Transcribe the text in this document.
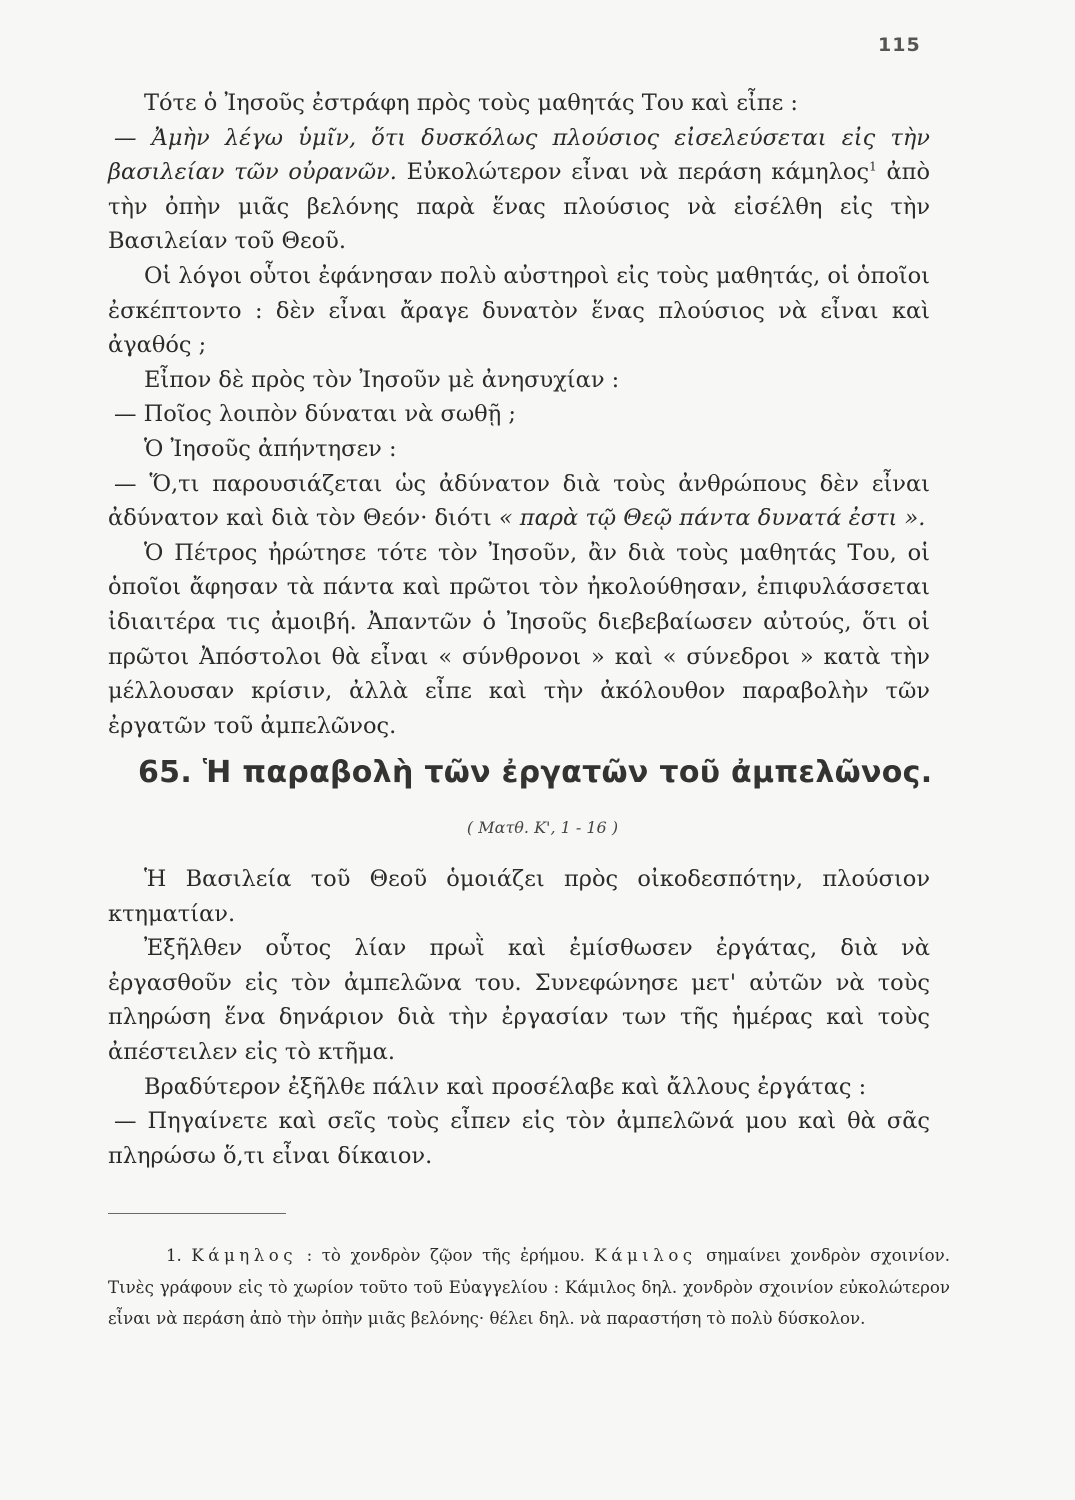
115

Τότε ὁ Ἰησοῦς ἐστράφη πρὸς τοὺς μαθητάς Του καὶ εἶπε :

— Ἀμὴν λέγω ὑμῖν, ὅτι δυσκόλως πλούσιος εἰσελεύσεται εἰς τὴν βασιλείαν τῶν οὐρανῶν. Εὐκολώτερον εἶναι νὰ περάση κάμηλος$^1$ ἀπὸ τὴν ὀπὴν μιᾶς βελόνης παρὰ ἕνας πλούσιος νὰ εἰσέλθη εἰς τὴν Βασιλείαν τοῦ Θεοῦ.

Οἱ λόγοι οὗτοι ἐφάνησαν πολὺ αὐστηροὶ εἰς τοὺς μαθητάς, οἱ ὁποῖοι ἐσκέπτοντο : δὲν εἶναι ἄραγε δυνατὸν ἕνας πλούσιος νὰ εἶναι καὶ ἀγαθός ;

Εἶπον δὲ πρὸς τὸν Ἰησοῦν μὲ ἀνησυχίαν :

— Ποῖος λοιπὸν δύναται νὰ σωθῇ ;

Ὁ Ἰησοῦς ἀπήντησεν :

— Ὅ,τι παρουσιάζεται ὡς ἀδύνατον διὰ τοὺς ἀνθρώπους δὲν εἶναι ἀδύνατον καὶ διὰ τὸν Θεόν· διότι « παρὰ τῷ Θεῷ πάντα δυνατά ἐστι ».

Ὁ Πέτρος ἠρώτησε τότε τὸν Ἰησοῦν, ἂν διὰ τοὺς μαθητάς Του, οἱ ὁποῖοι ἄφησαν τὰ πάντα καὶ πρῶτοι τὸν ἠκολούθησαν, ἐπιφυλάσσεται ἰδιαιτέρα τις ἀμοιβή. Ἀπαντῶν ὁ Ἰησοῦς διεβεβαίωσεν αὐτούς, ὅτι οἱ πρῶτοι Ἀπόστολοι θὰ εἶναι « σύνθρονοι » καὶ « σύνεδροι » κατὰ τὴν μέλλουσαν κρίσιν, ἀλλὰ εἶπε καὶ τὴν ἀκόλουθον παραβολὴν τῶν ἐργατῶν τοῦ ἀμπελῶνος.

65. Ἡ παραβολὴ τῶν ἐργατῶν τοῦ ἀμπελῶνος.
( Ματθ. Κ', 1 - 16 )

Ἡ Βασιλεία τοῦ Θεοῦ ὁμοιάζει πρὸς οἰκοδεσπότην, πλούσιον κτηματίαν.

Ἐξῆλθεν οὗτος λίαν πρωῒ καὶ ἐμίσθωσεν ἐργάτας, διὰ νὰ ἐργασθοῦν εἰς τὸν ἀμπελῶνα του. Συνεφώνησε μετ' αὐτῶν νὰ τοὺς πληρώση ἕνα δηνάριον διὰ τὴν ἐργασίαν των τῆς ἡμέρας καὶ τοὺς ἀπέστειλεν εἰς τὸ κτῆμα.

Βραδύτερον ἐξῆλθε πάλιν καὶ προσέλαβε καὶ ἄλλους ἐργάτας :

— Πηγαίνετε καὶ σεῖς τοὺς εἶπεν εἰς τὸν ἀμπελῶνά μου καὶ θὰ σᾶς πληρώσω ὅ,τι εἶναι δίκαιον.

1. Κάμηλος : τὸ χονδρὸν ζῷον τῆς ἐρήμου. Κάμιλος σημαίνει χονδρὸν σχοινίον. Τινὲς γράφουν εἰς τὸ χωρίον τοῦτο τοῦ Εὐαγγελίου : Κάμιλος δηλ. χονδρὸν σχοινίον εὐκολώτερον εἶναι νὰ περάση ἀπὸ τὴν ὀπὴν μιᾶς βελόνης· θέλει δηλ. νὰ παραστήση τὸ πολὺ δύσκολον.
